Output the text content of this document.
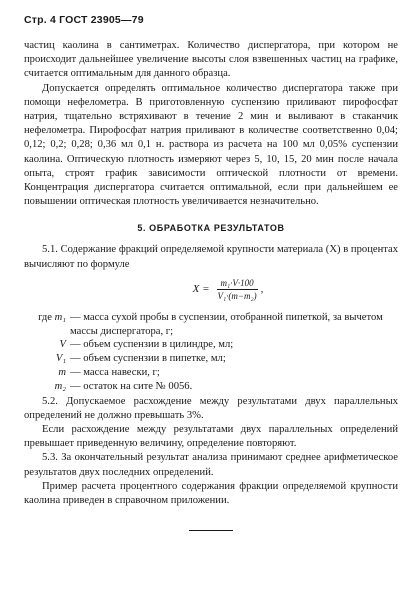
Стр. 4 ГОСТ 23905—79

частиц каолина в сантиметрах. Количество диспергатора, при котором не происходит дальнейшее увеличение высоты слоя взвешенных частиц на графике, считается оптимальным для данного образца.

Допускается определять оптимальное количество диспергатора также при помощи нефелометра. В приготовленную суспензию приливают пирофосфат натрия, тщательно встряхивают в течение 2 мин и выливают в стаканчик нефелометра. Пирофосфат натрия приливают в количестве соответственно 0,04; 0,12; 0,2; 0,28; 0,36 мл 0,1 н. раствора из расчета на 100 мл 0,05% суспензии каолина. Оптическую плотность измеряют через 5, 10, 15, 20 мин после начала опыта, строят график зависимости оптической плотности от времени. Концентрация диспергатора считается оптимальной, если при дальнейшем ее повышении оптическая плотность увеличивается незначительно.

5. ОБРАБОТКА РЕЗУЛЬТАТОВ

5.1. Содержание фракций определяемой крупности материала (X) в процентах вычисляют по формуле

$X = \frac{\text{m₁·V·100}}{\text{V₁·(m−m₂)}}$ ,
где m₁ — масса сухой пробы в суспензии, отобранной пипеткой, за вычетом массы диспергатора, г;
V — объем суспензии в цилиндре, мл;
V₁ — объем суспензии в пипетке, мл;
m — масса навески, г;
m₂ — остаток на сите № 0056.

5.2. Допускаемое расхождение между результатами двух параллельных определений не должно превышать 3%.

Если расхождение между результатами двух параллельных определений превышает приведенную величину, определение повторяют.

5.3. За окончательный результат анализа принимают среднее арифметическое результатов двух последних определений.

Пример расчета процентного содержания фракции определяемой крупности каолина приведен в справочном приложении.
